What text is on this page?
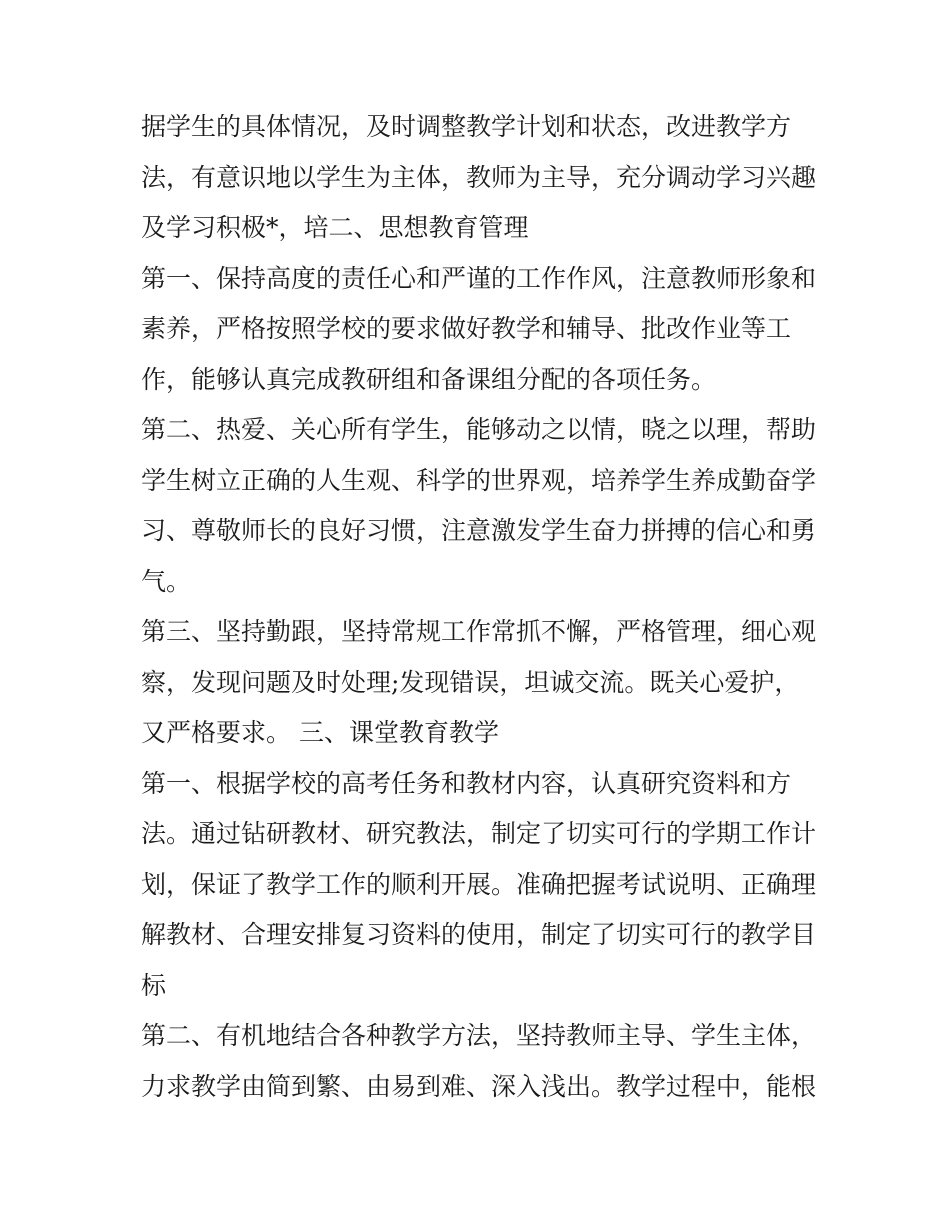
据学生的具体情况，及时调整教学计划和状态，改进教学方
法，有意识地以学生为主体，教师为主导，充分调动学习兴趣
及学习积极*，培二、思想教育管理
第一、保持高度的责任心和严谨的工作作风，注意教师形象和
素养，严格按照学校的要求做好教学和辅导、批改作业等工
作，能够认真完成教研组和备课组分配的各项任务。
第二、热爱、关心所有学生，能够动之以情，晓之以理，帮助
学生树立正确的人生观、科学的世界观，培养学生养成勤奋学
习、尊敬师长的良好习惯，注意激发学生奋力拼搏的信心和勇
气。
第三、坚持勤跟，坚持常规工作常抓不懈，严格管理，细心观
察，发现问题及时处理;发现错误，坦诚交流。既关心爱护，
又严格要求。 三、课堂教育教学
第一、根据学校的高考任务和教材内容，认真研究资料和方
法。通过钻研教材、研究教法，制定了切实可行的学期工作计
划，保证了教学工作的顺利开展。准确把握考试说明、正确理
解教材、合理安排复习资料的使用，制定了切实可行的教学目
标
第二、有机地结合各种教学方法，坚持教师主导、学生主体，
力求教学由简到繁、由易到难、深入浅出。教学过程中，能根
